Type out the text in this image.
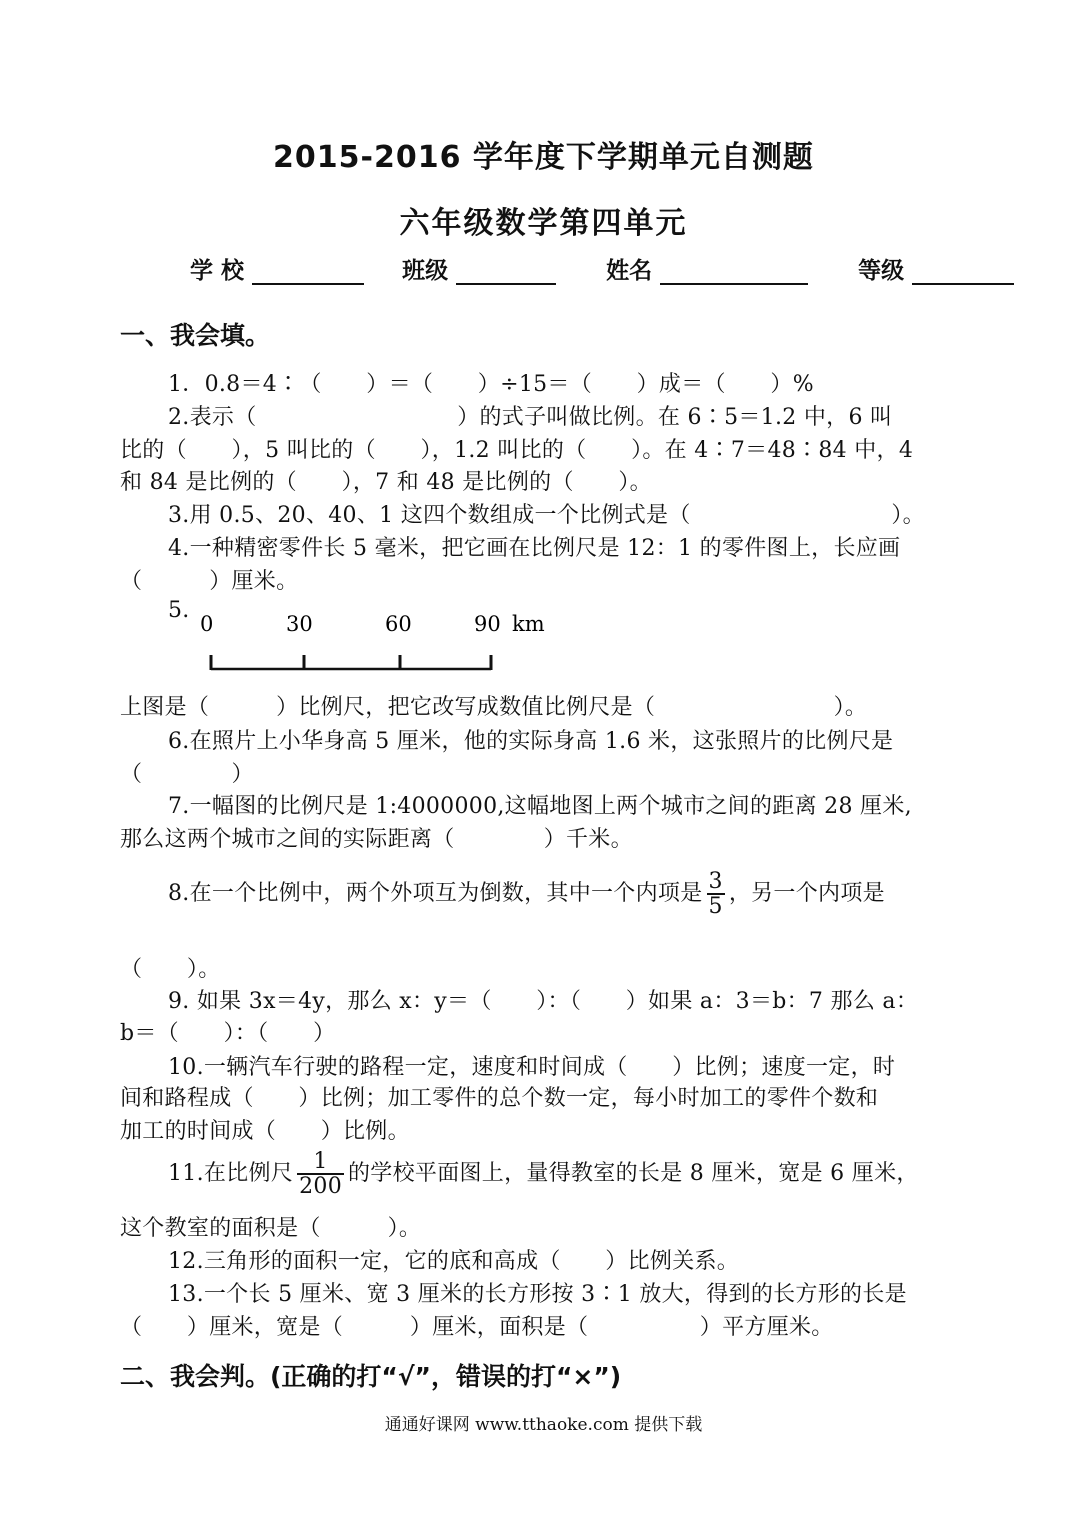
2015-2016 学年度下学期单元自测题
六年级数学第四单元
学 校	班级	姓名	等级
一、我会填。
1．0.8＝4∶（　　）＝（　　）÷15＝（　　）成＝（　　）%
2.表示（　　　　　　　　　）的式子叫做比例。在 6∶5＝1.2 中，6 叫
比的（　　），5 叫比的（　　），1.2 叫比的（　　）。在 4∶7＝48∶84 中，4
和 84 是比例的（　　），7 和 48 是比例的（　　）。
3.用 0.5、20、40、1 这四个数组成一个比例式是（　　　　　　　　　）。
4.一种精密零件长 5 毫米，把它画在比例尺是 12：1 的零件图上，长应画
（　　　）厘米。
5.
0	30	60	90 km
上图是（　　　）比例尺，把它改写成数值比例尺是（　　　　　　　　）。
6.在照片上小华身高 5 厘米，他的实际身高 1.6 米，这张照片的比例尺是
（　　　　）
7.一幅图的比例尺是 1:4000000,这幅地图上两个城市之间的距离 28 厘米,
那么这两个城市之间的实际距离（　　　　）千米。
8.在一个比例中，两个外项互为倒数，其中一个内项是 $\frac{3}{5}$ ，另一个内项是
（　　）。
9. 如果 3x＝4y，那么 x：y＝（　　）：（　　）如果 a：3＝b：7 那么 a：
b＝（　　）：（　　）
10.一辆汽车行驶的路程一定，速度和时间成（　　）比例；速度一定，时
间和路程成（　　）比例；加工零件的总个数一定，每小时加工的零件个数和
加工的时间成（　　）比例。
11.在比例尺 $\frac{1}{200}$ 的学校平面图上，量得教室的长是 8 厘米，宽是 6 厘米，
这个教室的面积是（　　　）。
12.三角形的面积一定，它的底和高成（　　）比例关系。
13.一个长 5 厘米、宽 3 厘米的长方形按 3∶1 放大，得到的长方形的长是
（　　）厘米，宽是（　　　）厘米，面积是（　　　　　）平方厘米。
二、我会判。(正确的打“√”，错误的打“×”)
通通好课网 www.tthaoke.com 提供下载
